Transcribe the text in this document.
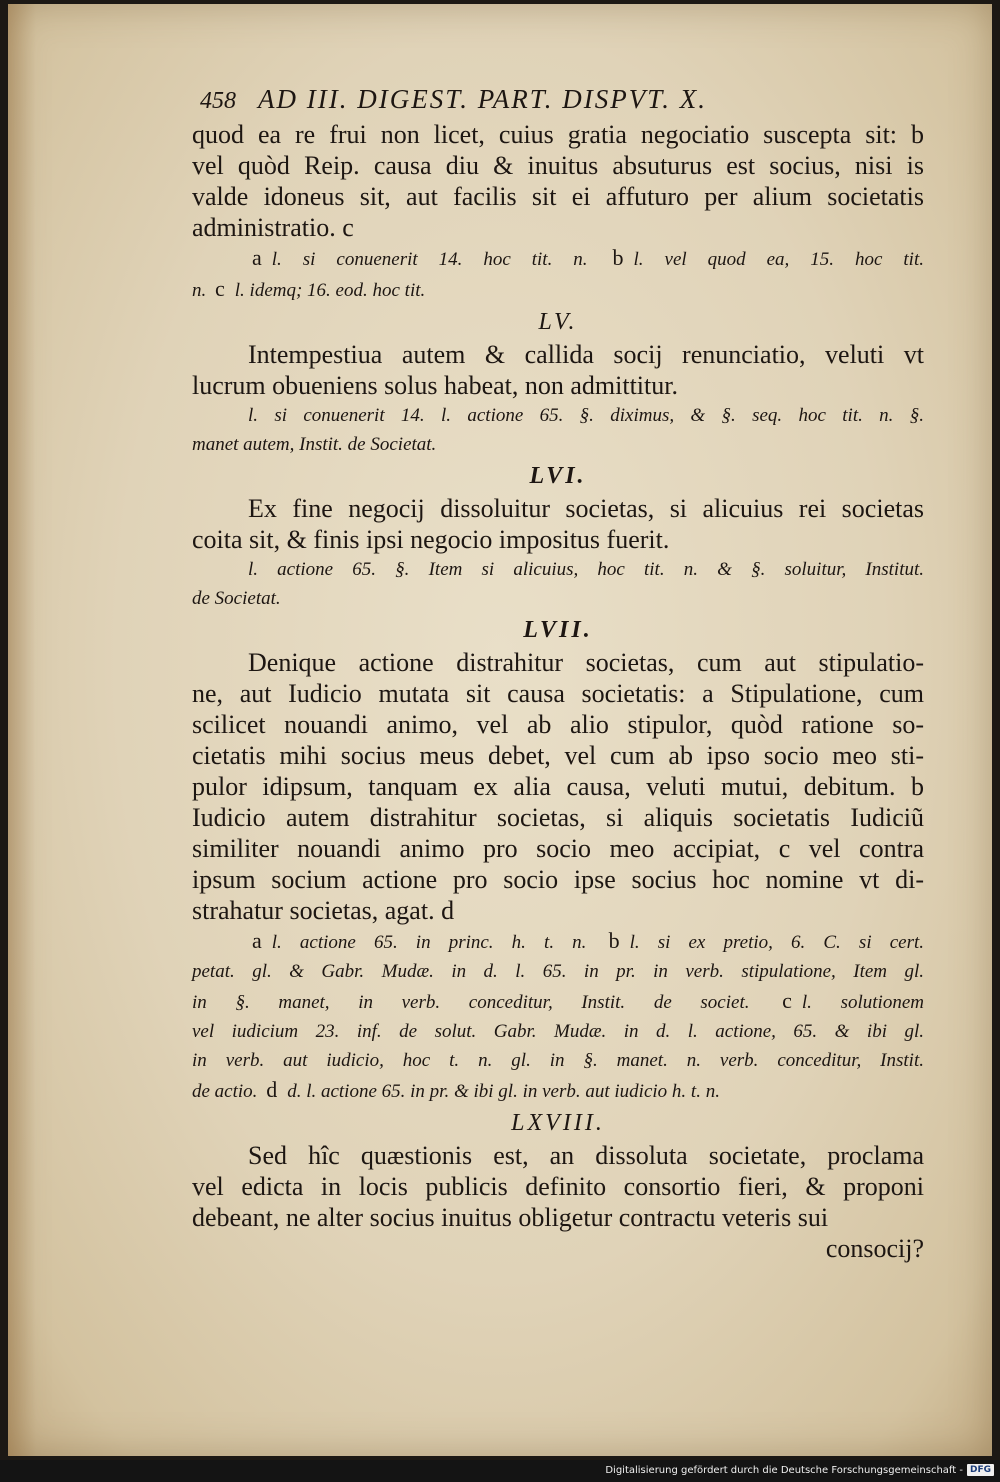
458 AD III. DIGEST. PART. DISPVT. X.
quod ea re frui non licet, cuius gratia negociatio suscepta sit: b
vel quòd Reip. causa diu & inuitus absuturus est socius, nisi is
valde idoneus sit, aut facilis sit ei affuturo per alium societatis
administratio. c
a l. si conuenerit 14. hoc tit. n. b l. vel quod ea, 15. hoc tit.
n. c l. idemq; 16. eod. hoc tit.
LV.
Intempestiua autem & callida socij renunciatio, veluti vt
lucrum obueniens solus habeat, non admittitur.
l. si conuenerit 14. l. actione 65. §. diximus, & §. seq. hoc tit. n. §.
manet autem, Instit. de Societat.
LVI.
Ex fine negocij dissoluitur societas, si alicuius rei societas
coita sit, & finis ipsi negocio impositus fuerit.
l. actione 65. §. Item si alicuius, hoc tit. n. & §. soluitur, Institut.
de Societat.
LVII.
Denique actione distrahitur societas, cum aut stipulatio-
ne, aut Iudicio mutata sit causa societatis: a Stipulatione, cum
scilicet nouandi animo, vel ab alio stipulor, quòd ratione so-
cietatis mihi socius meus debet, vel cum ab ipso socio meo sti-
pulor idipsum, tanquam ex alia causa, veluti mutui, debitum. b
Iudicio autem distrahitur societas, si aliquis societatis Iudiciũ
similiter nouandi animo pro socio meo accipiat, c vel contra
ipsum socium actione pro socio ipse socius hoc nomine vt di-
strahatur societas, agat. d
a l. actione 65. in princ. h. t. n. b l. si ex pretio, 6. C. si cert.
petat. gl. & Gabr. Mudæ. in d. l. 65. in pr. in verb. stipulatione, Item gl.
in §. manet, in verb. conceditur, Instit. de societ. c l. solutionem
vel iudicium 23. inf. de solut. Gabr. Mudæ. in d. l. actione, 65. & ibi gl.
in verb. aut iudicio, hoc t. n. gl. in §. manet. n. verb. conceditur, Instit.
de actio. d d. l. actione 65. in pr. & ibi gl. in verb. aut iudicio h. t. n.
LXVIII.
Sed hîc quæstionis est, an dissoluta societate, proclama
vel edicta in locis publicis definito consortio fieri, & proponi
debeant, ne alter socius inuitus obligetur contractu veteris sui
consocij?
Digitalisierung gefördert durch die Deutsche Forschungsgemeinschaft - DFG
